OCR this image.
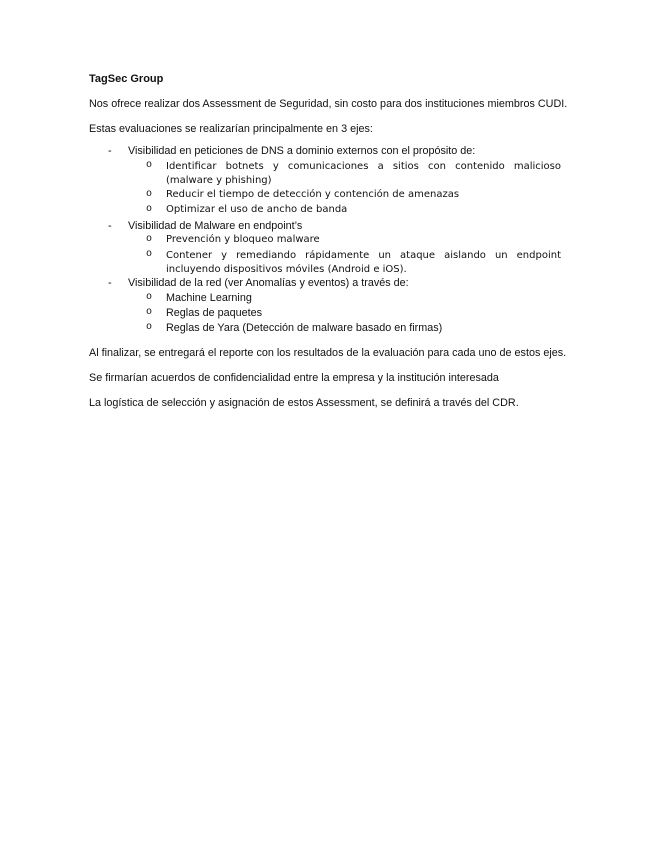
TagSec Group
Nos ofrece realizar dos Assessment de Seguridad, sin costo para dos instituciones miembros CUDI.
Estas evaluaciones se realizarían principalmente en 3 ejes:
- Visibilidad en peticiones de DNS a dominio externos con el propósito de:
o Identificar botnets y comunicaciones a sitios con contenido malicioso (malware y phishing)
o Reducir el tiempo de detección y contención de amenazas
o Optimizar el uso de ancho de banda
- Visibilidad de Malware en endpoint’s
o Prevención y bloqueo malware
o Contener y remediando rápidamente un ataque aislando un endpoint incluyendo dispositivos móviles (Android e iOS).
- Visibilidad de la red (ver Anomalías y eventos) a través de:
o Machine Learning
o Reglas de paquetes
o Reglas de Yara (Detección de malware basado en firmas)
Al finalizar, se entregará el reporte con los resultados de la evaluación para cada uno de estos ejes.
Se firmarían acuerdos de confidencialidad entre la empresa y la institución interesada
La logística de selección y asignación de estos Assessment, se definirá a través del CDR.
